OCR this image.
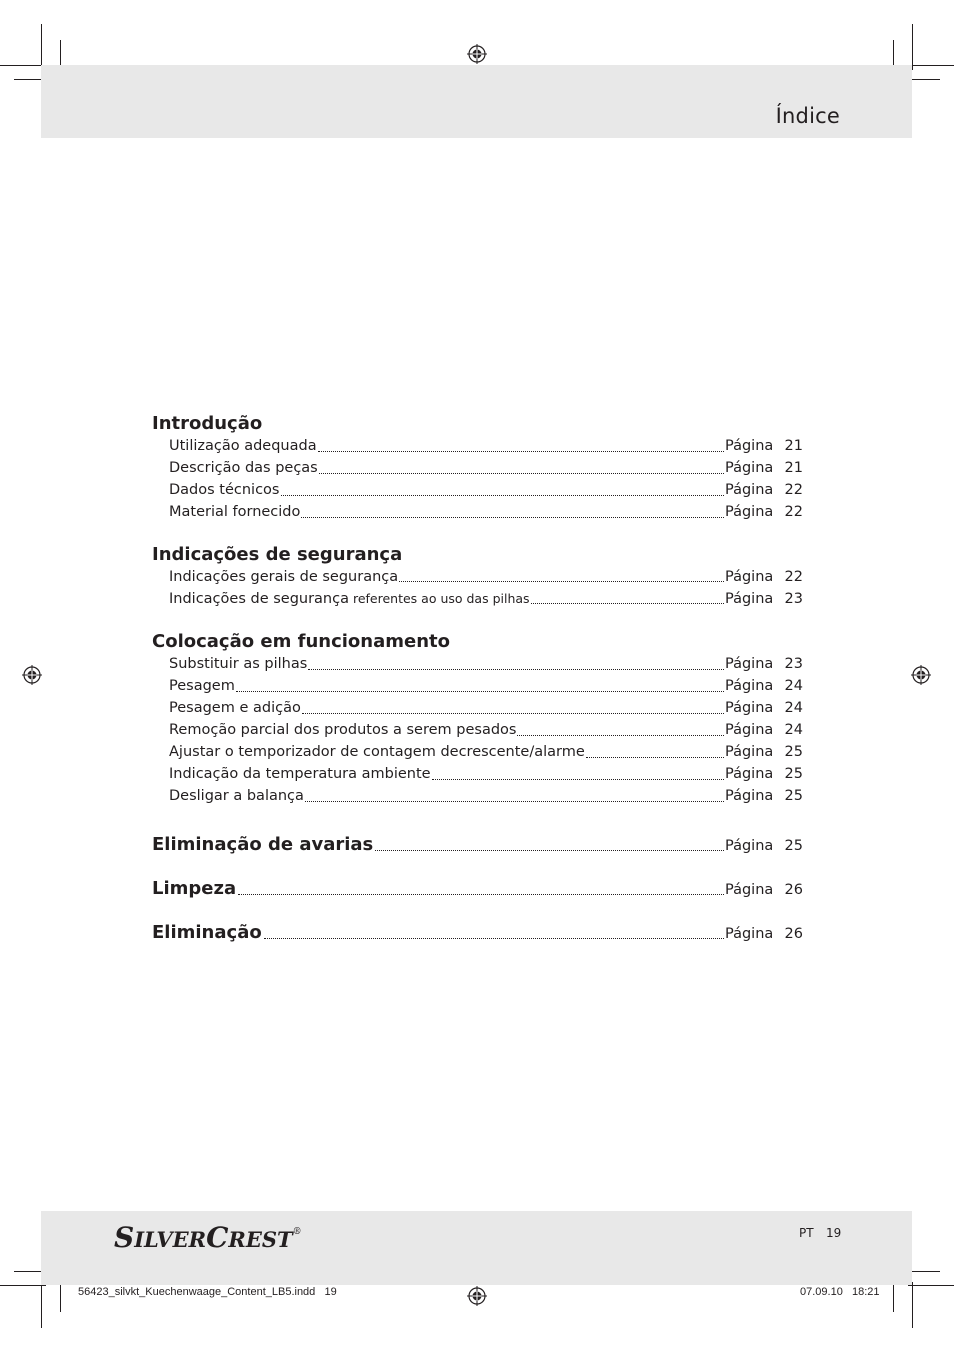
Índice
Introdução
Utilização adequada	Página 21
Descrição das peças	Página 21
Dados técnicos	Página 22
Material fornecido	Página 22
Indicações de segurança
Indicações gerais de segurança	Página 22
Indicações de segurança referentes ao uso das pilhas	Página 23
Colocação em funcionamento
Substituir as pilhas	Página 23
Pesagem	Página 24
Pesagem e adição	Página 24
Remoção parcial dos produtos a serem pesados	Página 24
Ajustar o temporizador de contagem decrescente/alarme	Página 25
Indicação da temperatura ambiente	Página 25
Desligar a balança	Página 25
Eliminação de avarias	Página 25
Limpeza	Página 26
Eliminação	Página 26
SILVERCREST®	PT 19
56423_silvkt_Kuechenwaage_Content_LB5.indd   19	07.09.10   18:21
